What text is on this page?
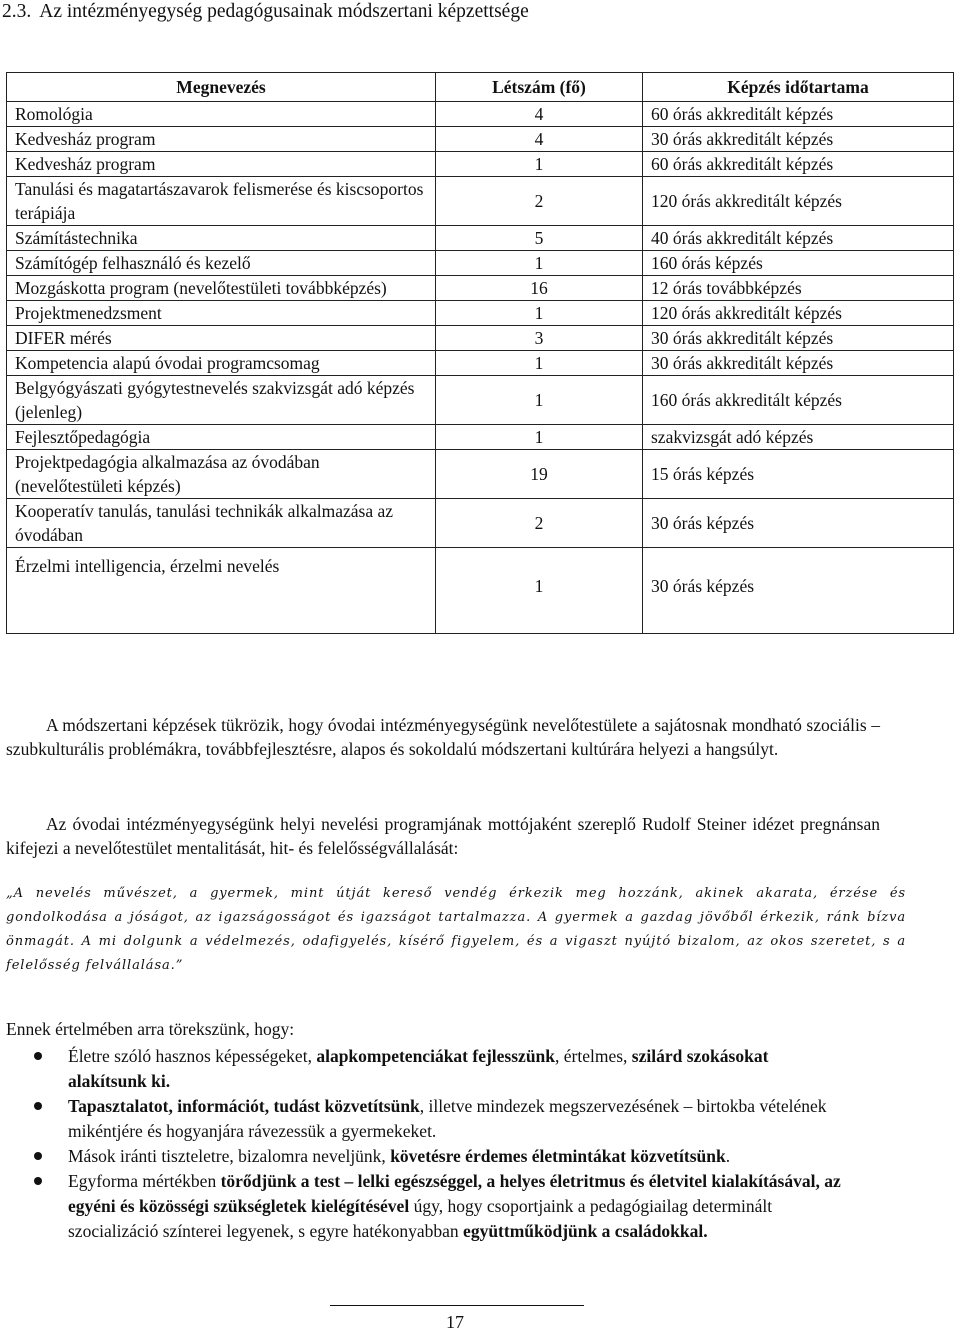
2.3. Az intézményegység pedagógusainak módszertani képzettsége
Megnevezés	Létszám (fő)	Képzés időtartama
Romológia	4	60 órás akkreditált képzés
Kedvesház program	4	30 órás akkreditált képzés
Kedvesház program	1	60 órás akkreditált képzés
Tanulási és magatartászavarok felismerése és kiscsoportos terápiája	2	120 órás akkreditált képzés
Számítástechnika	5	40 órás akkreditált képzés
Számítógép felhasználó és kezelő	1	160 órás képzés
Mozgáskotta program (nevelőtestületi továbbképzés)	16	12 órás továbbképzés
Projektmenedzsment	1	120 órás akkreditált képzés
DIFER mérés	3	30 órás akkreditált képzés
Kompetencia alapú óvodai programcsomag	1	30 órás akkreditált képzés
Belgyógyászati gyógytestnevelés szakvizsgát adó képzés (jelenleg)	1	160 órás akkreditált képzés
Fejlesztőpedagógia	1	szakvizsgát adó képzés
Projektpedagógia alkalmazása az óvodában (nevelőtestületi képzés)	19	15 órás képzés
Kooperatív tanulás, tanulási technikák alkalmazása az óvodában	2	30 órás képzés
Érzelmi intelligencia, érzelmi nevelés	1	30 órás képzés

A módszertani képzések tükrözik, hogy óvodai intézményegységünk nevelőtestülete a sajátosnak mondható szociális – szubkulturális problémákra, továbbfejlesztésre, alapos és sokoldalú módszertani kultúrára helyezi a hangsúlyt.

Az óvodai intézményegységünk helyi nevelési programjának mottójaként szereplő Rudolf Steiner idézet pregnánsan kifejezi a nevelőtestület mentalitását, hit- és felelősségvállalását:

„A nevelés művészet, a gyermek, mint útját kereső vendég érkezik meg hozzánk, akinek akarata, érzése és gondolkodása a jóságot, az igazságosságot és igazságot tartalmazza. A gyermek a gazdag jövőből érkezik, ránk bízva önmagát. A mi dolgunk a védelmezés, odafigyelés, kísérő figyelem, és a vigaszt nyújtó bizalom, az okos szeretet, s a felelősség felvállalása.”

Ennek értelmében arra törekszünk, hogy:

Életre szóló hasznos képességeket, alapkompetenciákat fejlesszünk, értelmes, szilárd szokásokat alakítsunk ki.
Tapasztalatot, információt, tudást közvetítsünk, illetve mindezek megszervezésének – birtokba vételének mikéntjére és hogyanjára rávezessük a gyermekeket.
Mások iránti tiszteletre, bizalomra neveljünk, követésre érdemes életmintákat közvetítsünk.
Egyforma mértékben törődjünk a test – lelki egészséggel, a helyes életritmus és életvitel kialakításával, az egyéni és közösségi szükségletek kielégítésével úgy, hogy csoportjaink a pedagógiailag determinált szocializáció színterei legyenek, s egyre hatékonyabban együttműködjünk a családokkal.
17
